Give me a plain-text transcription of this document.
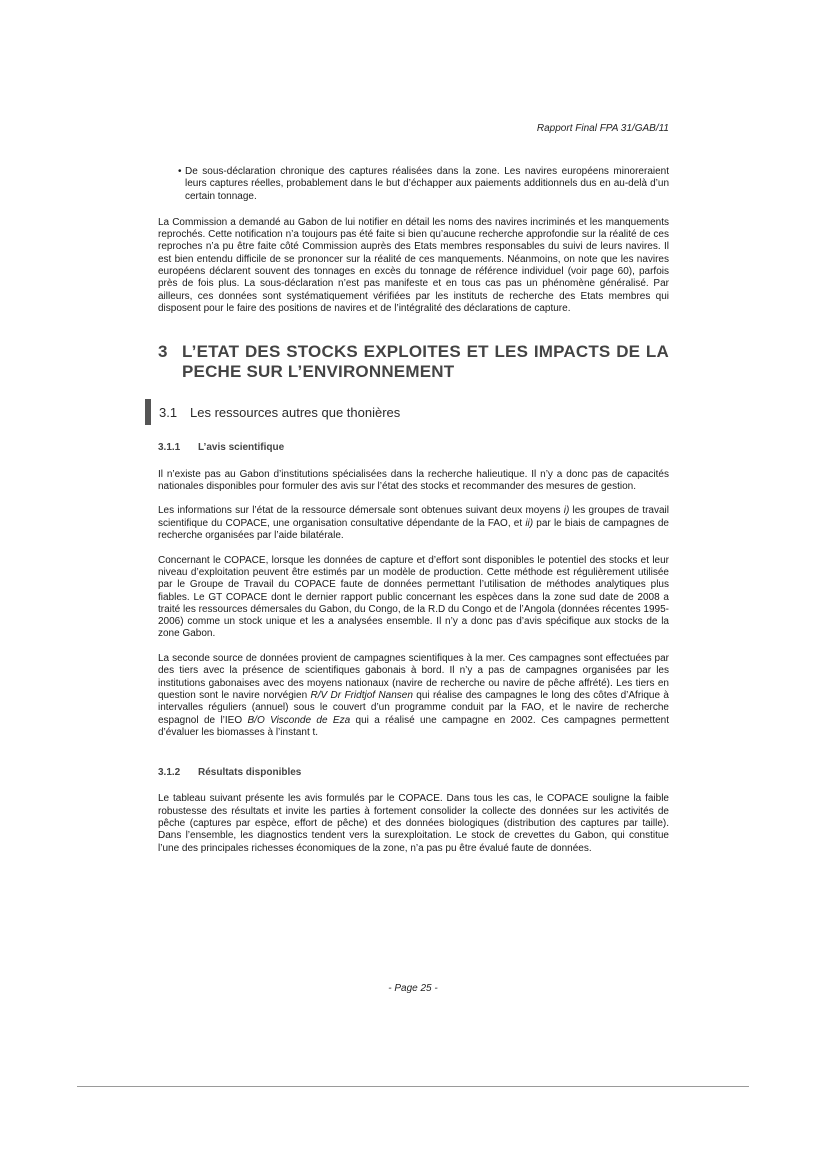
Rapport Final FPA 31/GAB/11
• De sous-déclaration chronique des captures réalisées dans la zone. Les navires européens minoreraient leurs captures réelles, probablement dans le but d’échapper aux paiements additionnels dus en au-delà d’un certain tonnage.

La Commission a demandé au Gabon de lui notifier en détail les noms des navires incriminés et les manquements reprochés. Cette notification n’a toujours pas été faite si bien qu’aucune recherche approfondie sur la réalité de ces reproches n’a pu être faite côté Commission auprès des Etats membres responsables du suivi de leurs navires. Il est bien entendu difficile de se prononcer sur la réalité de ces manquements. Néanmoins, on note que les navires européens déclarent souvent des tonnages en excès du tonnage de référence individuel (voir page 60), parfois près de fois plus. La sous-déclaration n’est pas manifeste et en tous cas pas un phénomène généralisé. Par ailleurs, ces données sont systématiquement vérifiées par les instituts de recherche des Etats membres qui disposent pour le faire des positions de navires et de l’intégralité des déclarations de capture.

3 L’ETAT DES STOCKS EXPLOITES ET LES IMPACTS DE LA PECHE SUR L’ENVIRONNEMENT
3.1 Les ressources autres que thonières
3.1.1 L’avis scientifique

Il n’existe pas au Gabon d’institutions spécialisées dans la recherche halieutique. Il n’y a donc pas de capacités nationales disponibles pour formuler des avis sur l’état des stocks et recommander des mesures de gestion.

Les informations sur l’état de la ressource démersale sont obtenues suivant deux moyens i) les groupes de travail scientifique du COPACE, une organisation consultative dépendante de la FAO, et ii) par le biais de campagnes de recherche organisées par l’aide bilatérale.

Concernant le COPACE, lorsque les données de capture et d’effort sont disponibles le potentiel des stocks et leur niveau d’exploitation peuvent être estimés par un modèle de production. Cette méthode est régulièrement utilisée par le Groupe de Travail du COPACE faute de données permettant l’utilisation de méthodes analytiques plus fiables. Le GT COPACE dont le dernier rapport public concernant les espèces dans la zone sud date de 2008 a traité les ressources démersales du Gabon, du Congo, de la R.D du Congo et de l’Angola (données récentes 1995-2006) comme un stock unique et les a analysées ensemble. Il n’y a donc pas d’avis spécifique aux stocks de la zone Gabon.

La seconde source de données provient de campagnes scientifiques à la mer. Ces campagnes sont effectuées par des tiers avec la présence de scientifiques gabonais à bord. Il n’y a pas de campagnes organisées par les institutions gabonaises avec des moyens nationaux (navire de recherche ou navire de pêche affrété). Les tiers en question sont le navire norvégien R/V Dr Fridtjof Nansen qui réalise des campagnes le long des côtes d’Afrique à intervalles réguliers (annuel) sous le couvert d’un programme conduit par la FAO, et le navire de recherche espagnol de l’IEO B/O Visconde de Eza qui a réalisé une campagne en 2002. Ces campagnes permettent d’évaluer les biomasses à l’instant t.

3.1.2 Résultats disponibles

Le tableau suivant présente les avis formulés par le COPACE. Dans tous les cas, le COPACE souligne la faible robustesse des résultats et invite les parties à fortement consolider la collecte des données sur les activités de pêche (captures par espèce, effort de pêche) et des données biologiques (distribution des captures par taille). Dans l’ensemble, les diagnostics tendent vers la surexploitation. Le stock de crevettes du Gabon, qui constitue l’une des principales richesses économiques de la zone, n’a pas pu être évalué faute de données.

- Page 25 -
